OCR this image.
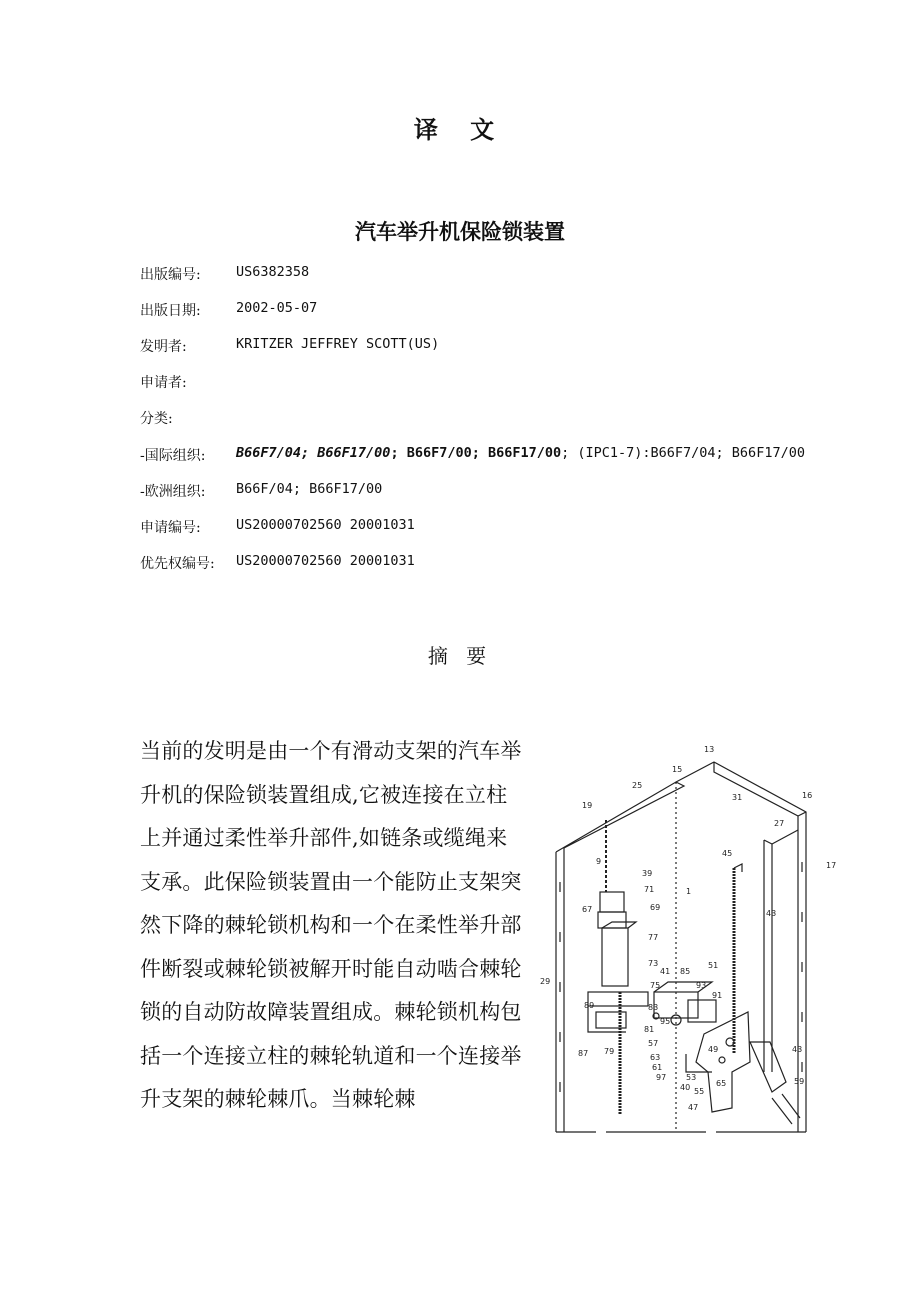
译 文
汽车举升机保险锁装置
出版编号:	US6382358
出版日期:	2002-05-07
发明者:	KRITZER JEFFREY SCOTT(US)
申请者:
分类:
-国际组织: B66F7/04; B66F17/00; B66F7/00; B66F17/00; (IPC1-7):B66F7/04; B66F17/00
-欧洲组织: B66F/04; B66F17/00
申请编号:	US20000702560 20001031
优先权编号: US20000702560 20001031
摘 要

当前的发明是由一个有滑动支架的汽车举升机的保险锁装置组成,它被连接在立柱上并通过柔性举升部件,如链条或缆绳来支承。此保险锁装置由一个能防止支架突然下降的棘轮锁机构和一个在柔性举升部件断裂或棘轮锁被解开时能自动啮合棘轮锁的自动防故障装置组成。棘轮锁机构包括一个连接立柱的棘轮轨道和一个连接举升支架的棘轮棘爪。当棘轮棘

13
15
25
31	16
19
27
17
1
45
9
39
71
67	69
77
43
29
73
41 85
93
51
89
75
81
91
83
95
57
87 79
63
61
97 53
49	43
40 55
65	59
47
